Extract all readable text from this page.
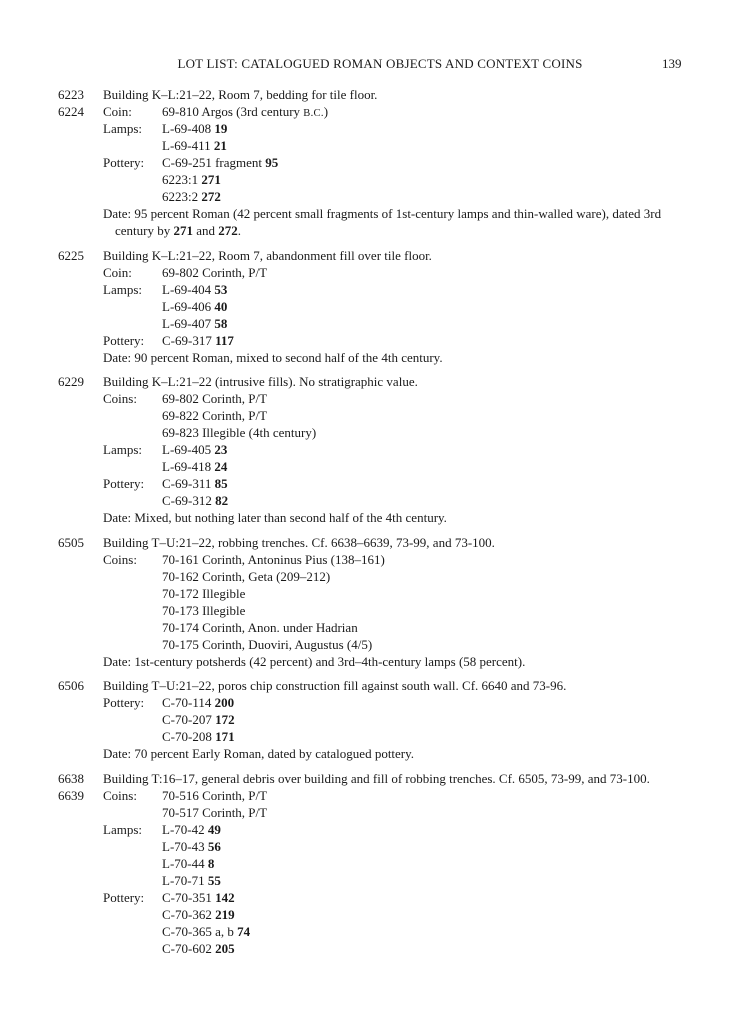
LOT LIST: CATALOGUED ROMAN OBJECTS AND CONTEXT COINS	139
6223 Building K–L:21–22, Room 7, bedding for tile floor.
6224 Coin: 69-810 Argos (3rd century B.C.)
Lamps: L-69-408 19
L-69-411 21
Pottery: C-69-251 fragment 95
6223:1 271
6223:2 272
Date: 95 percent Roman (42 percent small fragments of 1st-century lamps and thin-walled ware), dated 3rd
century by 271 and 272.
6225 Building K–L:21–22, Room 7, abandonment fill over tile floor.
Coin: 69-802 Corinth, P/T
Lamps: L-69-404 53
L-69-406 40
L-69-407 58
Pottery: C-69-317 117
Date: 90 percent Roman, mixed to second half of the 4th century.
6229 Building K–L:21–22 (intrusive fills). No stratigraphic value.
Coins: 69-802 Corinth, P/T
69-822 Corinth, P/T
69-823 Illegible (4th century)
Lamps: L-69-405 23
L-69-418 24
Pottery: C-69-311 85
C-69-312 82
Date: Mixed, but nothing later than second half of the 4th century.
6505 Building T–U:21–22, robbing trenches. Cf. 6638–6639, 73-99, and 73-100.
Coins: 70-161 Corinth, Antoninus Pius (138–161)
70-162 Corinth, Geta (209–212)
70-172 Illegible
70-173 Illegible
70-174 Corinth, Anon. under Hadrian
70-175 Corinth, Duoviri, Augustus (4/5)
Date: 1st-century potsherds (42 percent) and 3rd–4th-century lamps (58 percent).
6506 Building T–U:21–22, poros chip construction fill against south wall. Cf. 6640 and 73-96.
Pottery: C-70-114 200
C-70-207 172
C-70-208 171
Date: 70 percent Early Roman, dated by catalogued pottery.
6638 Building T:16–17, general debris over building and fill of robbing trenches. Cf. 6505, 73-99, and 73-100.
6639 Coins: 70-516 Corinth, P/T
70-517 Corinth, P/T
Lamps: L-70-42 49
L-70-43 56
L-70-44 8
L-70-71 55
Pottery: C-70-351 142
C-70-362 219
C-70-365 a, b 74
C-70-602 205
